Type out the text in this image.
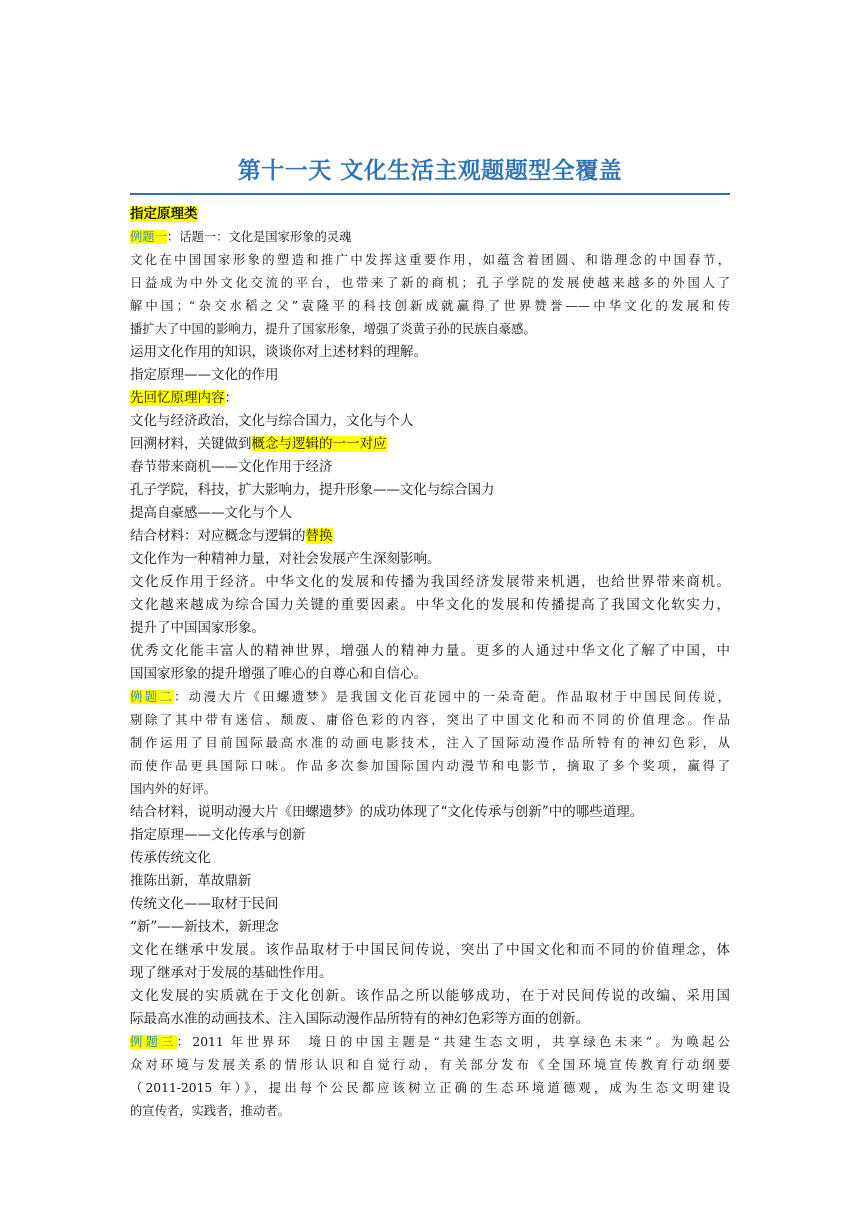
第十一天 文化生活主观题题型全覆盖
指定原理类
例题一：话题一：文化是国家形象的灵魂
文化在中国国家形象的塑造和推广中发挥这重要作用，如蕴含着团圆、和谐理念的中国春节，
日益成为中外文化交流的平台，也带来了新的商机；孔子学院的发展使越来越多的外国人了
解中国；“杂交水稻之父”袁隆平的科技创新成就赢得了世界赞誉——中华文化的发展和传
播扩大了中国的影响力，提升了国家形象，增强了炎黄子孙的民族自豪感。
运用文化作用的知识，谈谈你对上述材料的理解。
指定原理——文化的作用
先回忆原理内容：
文化与经济政治，文化与综合国力，文化与个人
回溯材料，关键做到概念与逻辑的一一对应
春节带来商机——文化作用于经济
孔子学院，科技，扩大影响力，提升形象——文化与综合国力
提高自豪感——文化与个人
结合材料：对应概念与逻辑的替换
文化作为一种精神力量，对社会发展产生深刻影响。
文化反作用于经济。中华文化的发展和传播为我国经济发展带来机遇，也给世界带来商机。
文化越来越成为综合国力关键的重要因素。中华文化的发展和传播提高了我国文化软实力，
提升了中国国家形象。
优秀文化能丰富人的精神世界，增强人的精神力量。更多的人通过中华文化了解了中国，中
国国家形象的提升增强了唯心的自尊心和自信心。
例题二：动漫大片《田螺遗梦》是我国文化百花园中的一朵奇葩。作品取材于中国民间传说，
剔除了其中带有迷信、颓废、庸俗色彩的内容，突出了中国文化和而不同的价值理念。作品
制作运用了目前国际最高水准的动画电影技术，注入了国际动漫作品所特有的神幻色彩，从
而使作品更具国际口味。作品多次参加国际国内动漫节和电影节，摘取了多个奖项，赢得了
国内外的好评。
结合材料，说明动漫大片《田螺遗梦》的成功体现了“文化传承与创新”中的哪些道理。
指定原理——文化传承与创新
传承传统文化
推陈出新，革故鼎新
传统文化——取材于民间
“新”——新技术，新理念
文化在继承中发展。该作品取材于中国民间传说，突出了中国文化和而不同的价值理念，体
现了继承对于发展的基础性作用。
文化发展的实质就在于文化创新。该作品之所以能够成功，在于对民间传说的改编、采用国
际最高水准的动画技术、注入国际动漫作品所特有的神幻色彩等方面的创新。
例题三：2011 年世界环　境日的中国主题是“共建生态文明，共享绿色未来”。为唤起公
众对环境与发展关系的情形认识和自觉行动，有关部分发布《全国环境宣传教育行动纲要
（2011-2015 年）》，提出每个公民都应该树立正确的生态环境道德观，成为生态文明建设
的宣传者，实践者，推动者。
